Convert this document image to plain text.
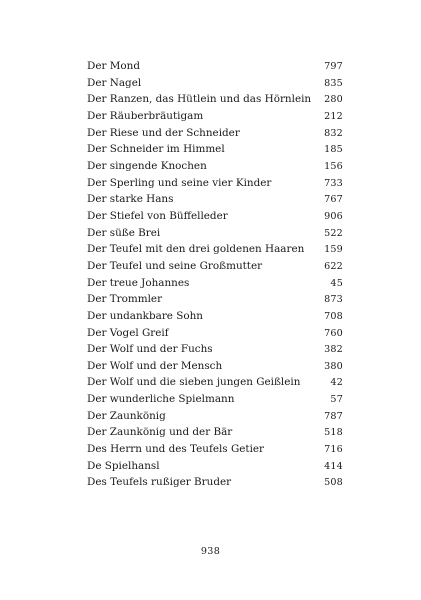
Der Mond	797
Der Nagel	835
Der Ranzen, das Hütlein und das Hörnlein	280
Der Räuberbräutigam	212
Der Riese und der Schneider	832
Der Schneider im Himmel	185
Der singende Knochen	156
Der Sperling und seine vier Kinder	733
Der starke Hans	767
Der Stiefel von Büffelleder	906
Der süße Brei	522
Der Teufel mit den drei goldenen Haaren	159
Der Teufel und seine Großmutter	622
Der treue Johannes	45
Der Trommler	873
Der undankbare Sohn	708
Der Vogel Greif	760
Der Wolf und der Fuchs	382
Der Wolf und der Mensch	380
Der Wolf und die sieben jungen Geißlein	42
Der wunderliche Spielmann	57
Der Zaunkönig	787
Der Zaunkönig und der Bär	518
Des Herrn und des Teufels Getier	716
De Spielhansl	414
Des Teufels rußiger Bruder	508
938
